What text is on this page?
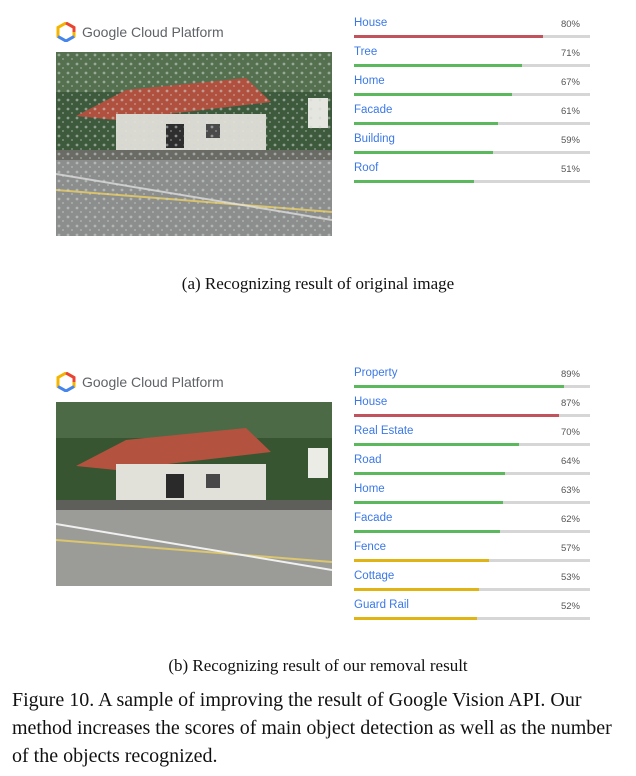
Google Cloud Platform
House	80%
Tree	71%
Home	67%
Facade	61%
Building	59%
Roof	51%
(a) Recognizing result of original image
Google Cloud Platform
Property	89%
House	87%
Real Estate	70%
Road	64%
Home	63%
Facade	62%
Fence	57%
Cottage	53%
Guard Rail	52%
(b) Recognizing result of our removal result
Figure 10. A sample of improving the result of Google Vision API. Our method increases the scores of main object detection as well as the number of the objects recognized.
